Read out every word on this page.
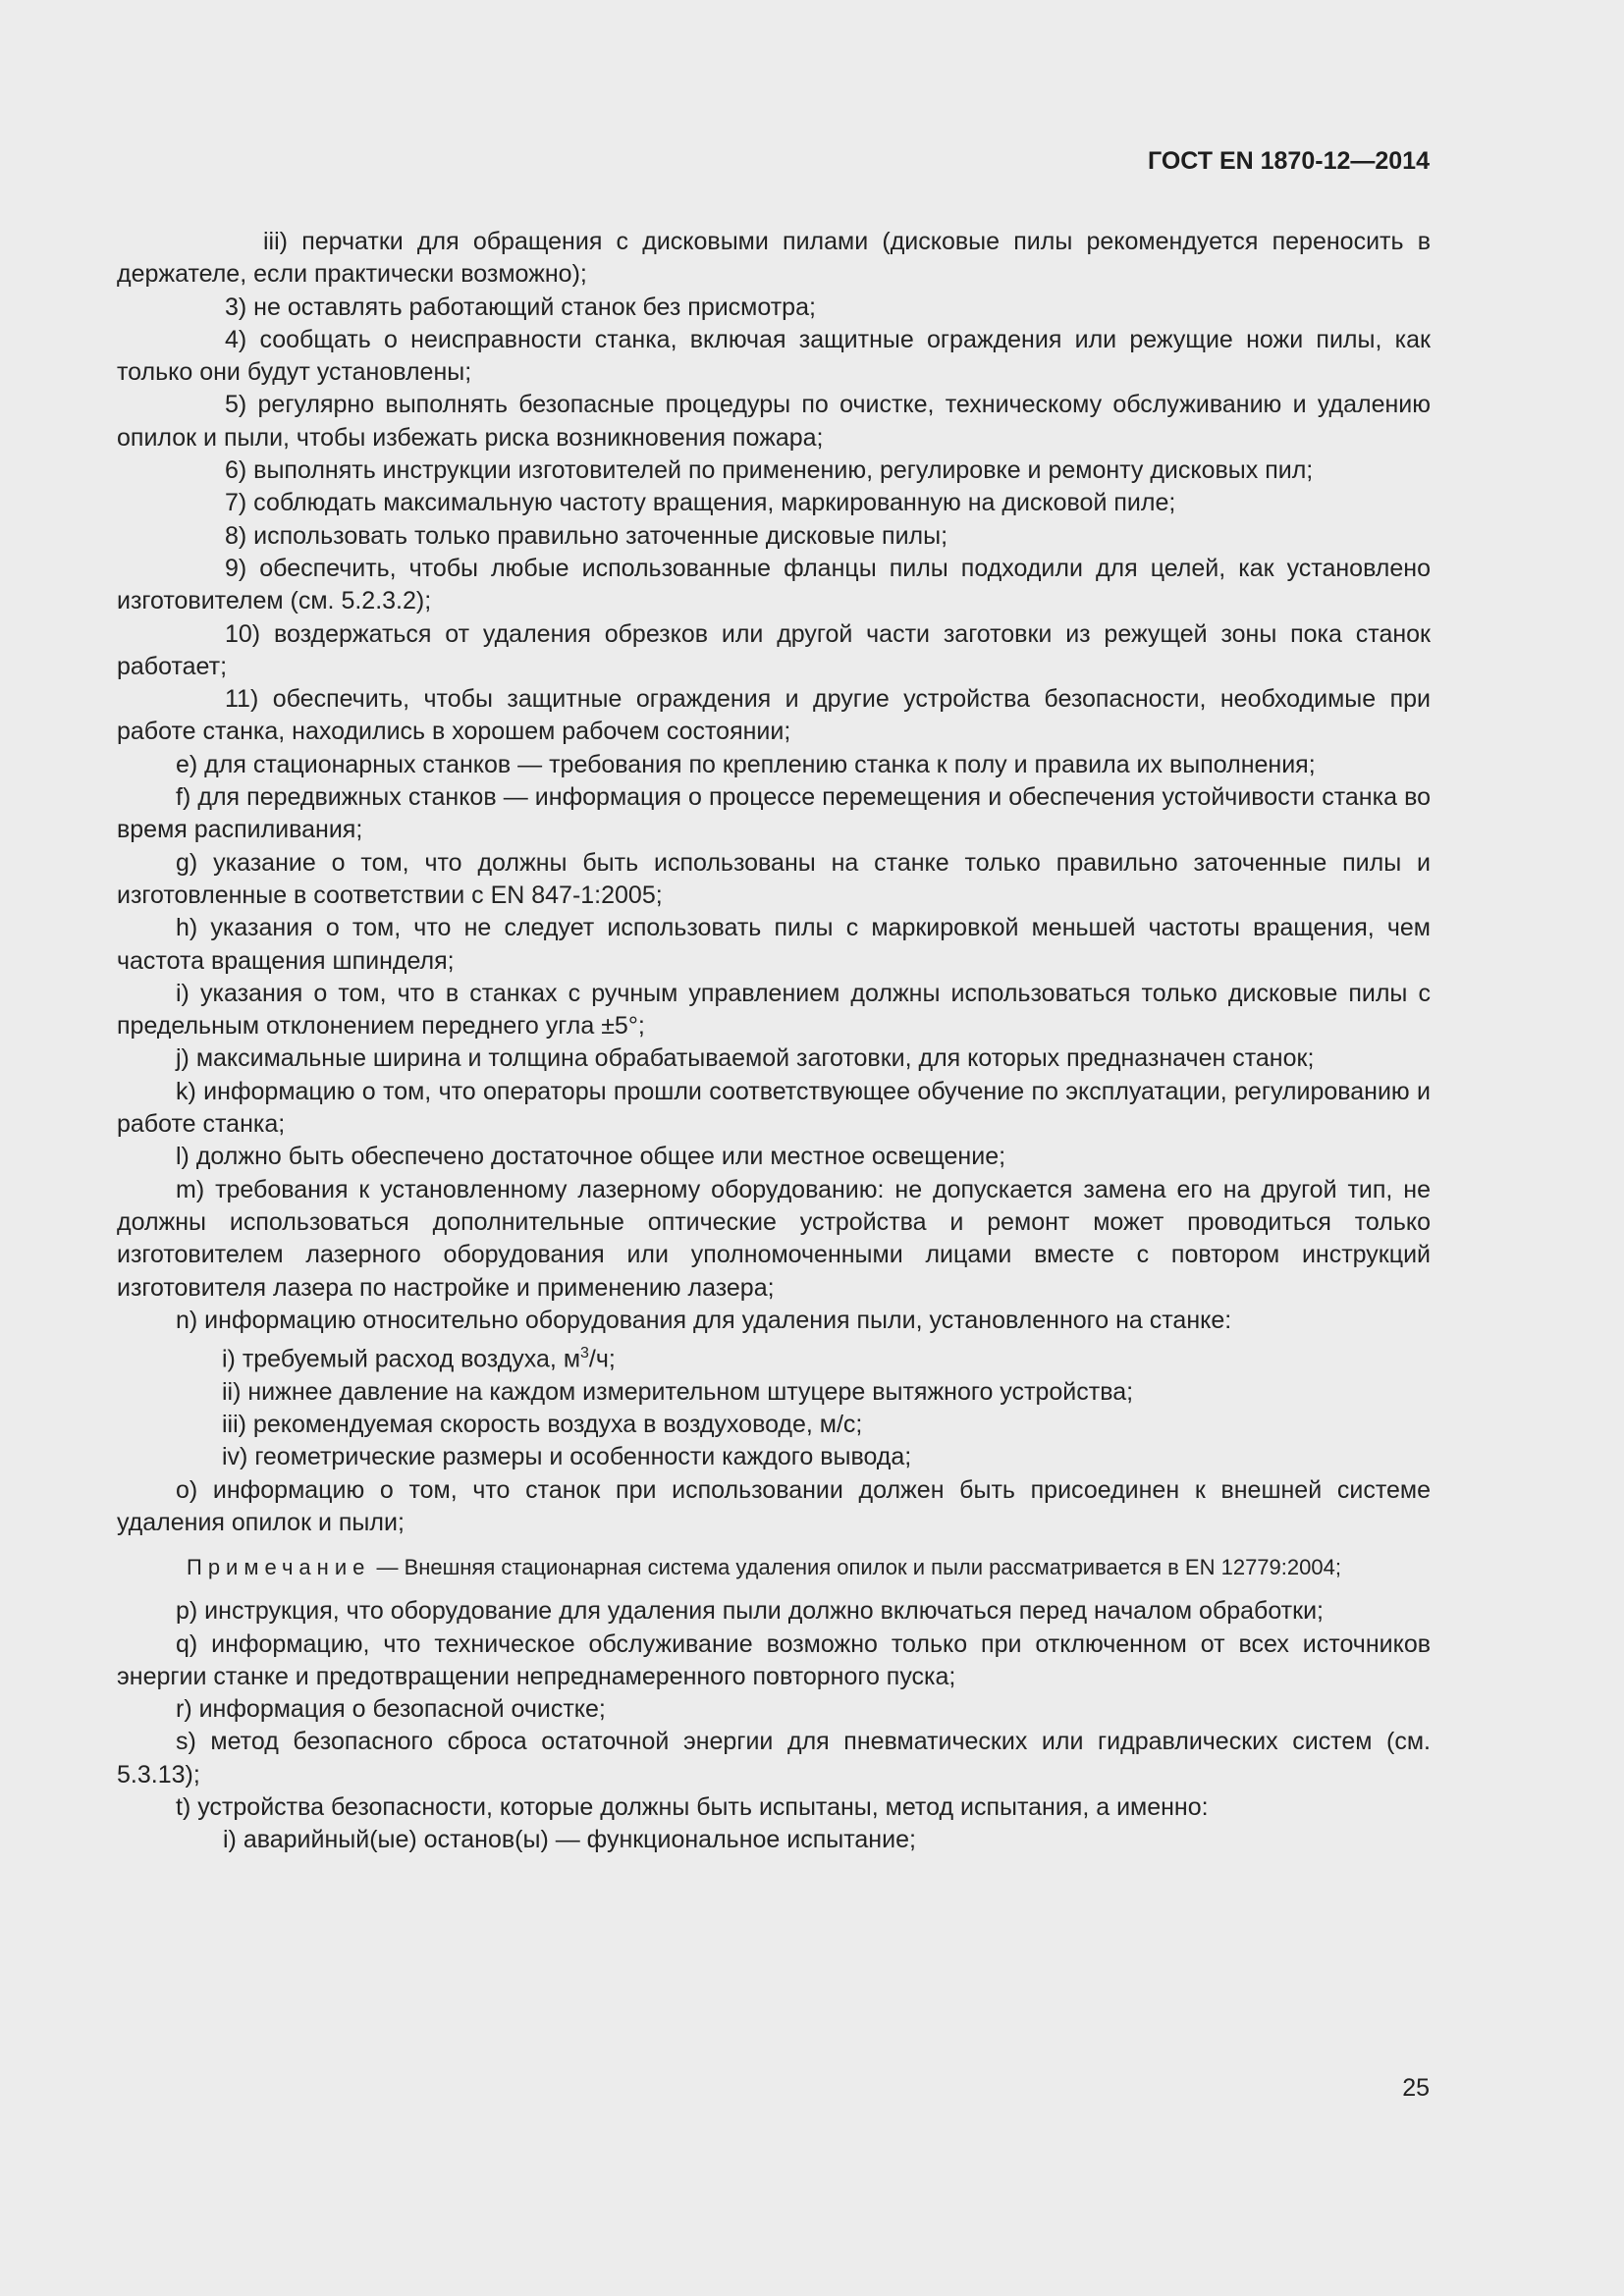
ГОСТ EN 1870-12—2014

iii) перчатки для обращения с дисковыми пилами (дисковые пилы рекомендуется переносить в держателе, если практически возможно);

3) не оставлять работающий станок без присмотра;

4) сообщать о неисправности станка, включая защитные ограждения или режущие ножи пилы, как только они будут установлены;

5) регулярно выполнять безопасные процедуры по очистке, техническому обслуживанию и удалению опилок и пыли, чтобы избежать риска возникновения пожара;

6) выполнять инструкции изготовителей по применению, регулировке и ремонту дисковых пил;

7) соблюдать максимальную частоту вращения, маркированную на дисковой пиле;

8) использовать только правильно заточенные дисковые пилы;

9) обеспечить, чтобы любые использованные фланцы пилы подходили для целей, как установлено изготовителем (см. 5.2.3.2);

10) воздержаться от удаления обрезков или другой части заготовки из режущей зоны пока станок работает;

11) обеспечить, чтобы защитные ограждения и другие устройства безопасности, необходимые при работе станка, находились в хорошем рабочем состоянии;

e) для стационарных станков — требования по креплению станка к полу и правила их выполнения;

f) для передвижных станков — информация о процессе перемещения и обеспечения устойчивости станка во время распиливания;

g) указание о том, что должны быть использованы на станке только правильно заточенные пилы и изготовленные в соответствии с EN 847-1:2005;

h) указания о том, что не следует использовать пилы с маркировкой меньшей частоты вращения, чем частота вращения шпинделя;

i) указания о том, что в станках с ручным управлением должны использоваться только дисковые пилы с предельным отклонением переднего угла ±5°;

j) максимальные ширина и толщина обрабатываемой заготовки, для которых предназначен станок;

k) информацию о том, что операторы прошли соответствующее обучение по эксплуатации, регулированию и работе станка;

l) должно быть обеспечено достаточное общее или местное освещение;

m) требования к установленному лазерному оборудованию: не допускается замена его на другой тип, не должны использоваться дополнительные оптические устройства и ремонт может проводиться только изготовителем лазерного оборудования или уполномоченными лицами вместе с повтором инструкций изготовителя лазера по настройке и применению лазера;

n) информацию относительно оборудования для удаления пыли, установленного на станке:

i) требуемый расход воздуха, $м^3/ч$;

ii) нижнее давление на каждом измерительном штуцере вытяжного устройства;

iii) рекомендуемая скорость воздуха в воздуховоде, м/с;

iv) геометрические размеры и особенности каждого вывода;

o) информацию о том, что станок при использовании должен быть присоединен к внешней системе удаления опилок и пыли;

Примечание — Внешняя стационарная система удаления опилок и пыли рассматривается в EN 12779:2004;

p) инструкция, что оборудование для удаления пыли должно включаться перед началом обработки;

q) информацию, что техническое обслуживание возможно только при отключенном от всех источников энергии станке и предотвращении непреднамеренного повторного пуска;

r) информация о безопасной очистке;

s) метод безопасного сброса остаточной энергии для пневматических или гидравлических систем (см. 5.3.13);

t) устройства безопасности, которые должны быть испытаны, метод испытания, а именно:

i) аварийный(ые) останов(ы) — функциональное испытание;

25
